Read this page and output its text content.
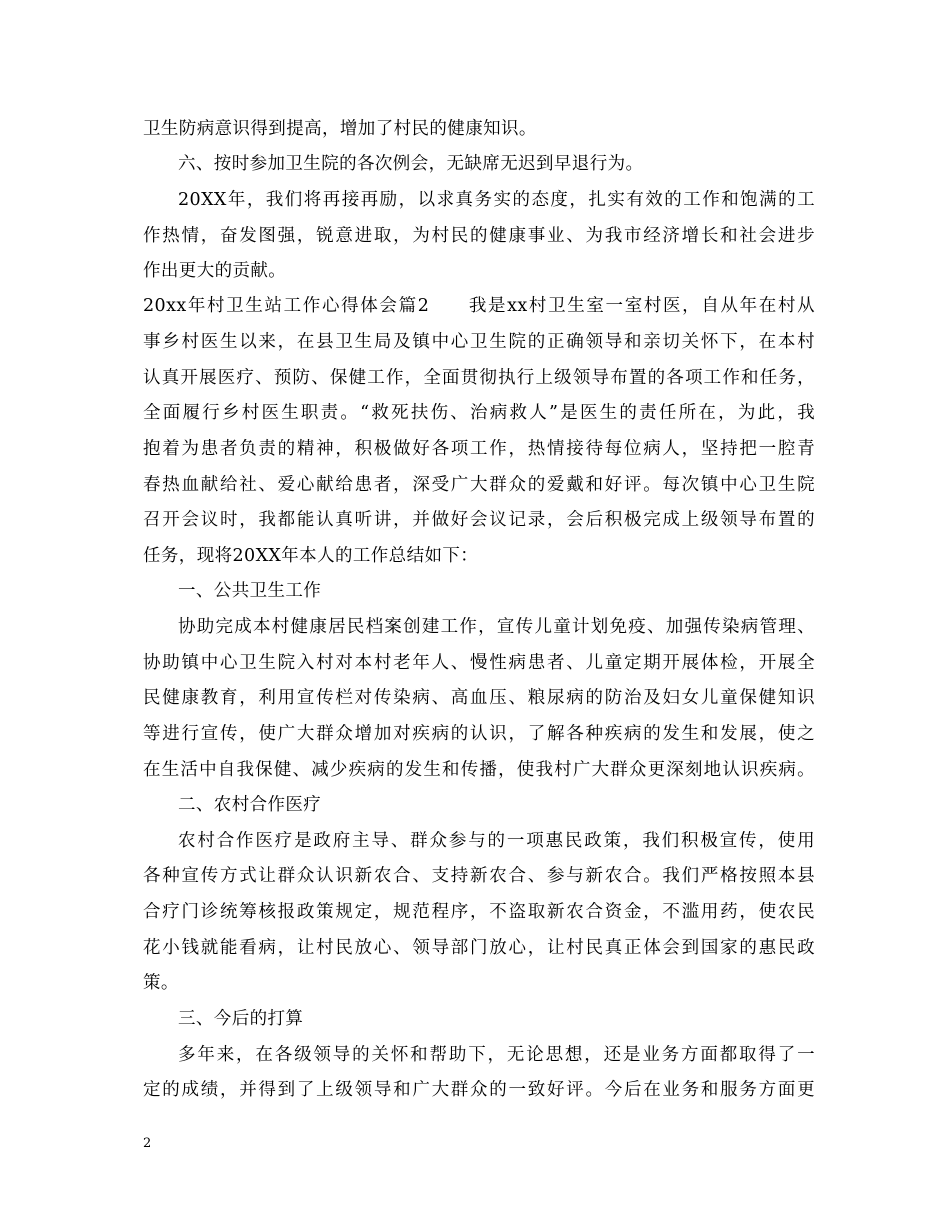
卫生防病意识得到提高，增加了村民的健康知识。
六、按时参加卫生院的各次例会，无缺席无迟到早退行为。
20XX年，我们将再接再励，以求真务实的态度，扎实有效的工作和饱满的工
作热情，奋发图强，锐意进取，为村民的健康事业、为我市经济增长和社会进步
作出更大的贡献。
20xx年村卫生站工作心得体会篇2　　我是xx村卫生室一室村医，自从年在村从
事乡村医生以来，在县卫生局及镇中心卫生院的正确领导和亲切关怀下，在本村
认真开展医疗、预防、保健工作，全面贯彻执行上级领导布置的各项工作和任务，
全面履行乡村医生职责。“救死扶伤、治病救人”是医生的责任所在，为此，我
抱着为患者负责的精神，积极做好各项工作，热情接待每位病人，坚持把一腔青
春热血献给社、爱心献给患者，深受广大群众的爱戴和好评。每次镇中心卫生院
召开会议时，我都能认真听讲，并做好会议记录，会后积极完成上级领导布置的
任务，现将20XX年本人的工作总结如下：
一、公共卫生工作
协助完成本村健康居民档案创建工作，宣传儿童计划免疫、加强传染病管理、
协助镇中心卫生院入村对本村老年人、慢性病患者、儿童定期开展体检，开展全
民健康教育，利用宣传栏对传染病、高血压、粮尿病的防治及妇女儿童保健知识
等进行宣传，使广大群众增加对疾病的认识，了解各种疾病的发生和发展，使之
在生活中自我保健、减少疾病的发生和传播，使我村广大群众更深刻地认识疾病。
二、农村合作医疗
农村合作医疗是政府主导、群众参与的一项惠民政策，我们积极宣传，使用
各种宣传方式让群众认识新农合、支持新农合、参与新农合。我们严格按照本县
合疗门诊统筹核报政策规定，规范程序，不盗取新农合资金，不滥用药，使农民
花小钱就能看病，让村民放心、领导部门放心，让村民真正体会到国家的惠民政
策。
三、今后的打算
多年来，在各级领导的关怀和帮助下，无论思想，还是业务方面都取得了一
定的成绩，并得到了上级领导和广大群众的一致好评。今后在业务和服务方面更
2
